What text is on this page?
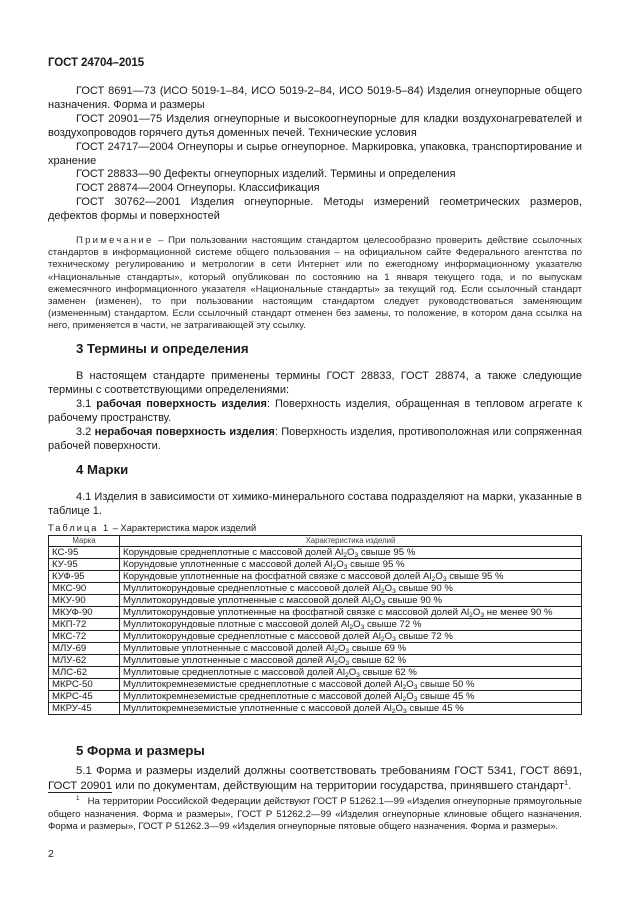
ГОСТ 24704–2015

ГОСТ 8691—73 (ИСО 5019-1–84, ИСО 5019-2–84, ИСО 5019-5–84) Изделия огнеупорные общего назначения. Форма и размеры

ГОСТ 20901—75 Изделия огнеупорные и высокоогнеупорные для кладки воздухонагревателей и воздухопроводов горячего дутья доменных печей. Технические условия

ГОСТ 24717—2004 Огнеупоры и сырье огнеупорное. Маркировка, упаковка, транспортирование и хранение

ГОСТ 28833—90 Дефекты огнеупорных изделий. Термины и определения

ГОСТ 28874—2004 Огнеупоры. Классификация

ГОСТ 30762—2001 Изделия огнеупорные. Методы измерений геометрических размеров, дефектов формы и поверхностей

Примечание – При пользовании настоящим стандартом целесообразно проверить действие ссылочных стандартов в информационной системе общего пользования – на официальном сайте Федерального агентства по техническому регулированию и метрологии в сети Интернет или по ежегодному информационному указателю «Национальные стандарты», который опубликован по состоянию на 1 января текущего года, и по выпускам ежемесячного информационного указателя «Национальные стандарты» за текущий год. Если ссылочный стандарт заменен (изменен), то при пользовании настоящим стандартом следует руководствоваться заменяющим (измененным) стандартом. Если ссылочный стандарт отменен без замены, то положение, в котором дана ссылка на него, применяется в части, не затрагивающей эту ссылку.

3 Термины и определения

В настоящем стандарте применены термины ГОСТ 28833, ГОСТ 28874, а также следующие термины с соответствующими определениями:

3.1 рабочая поверхность изделия: Поверхность изделия, обращенная в тепловом агрегате к рабочему пространству.

3.2 нерабочая поверхность изделия: Поверхность изделия, противоположная или сопряженная рабочей поверхности.

4 Марки

4.1 Изделия в зависимости от химико-минерального состава подразделяют на марки, указанные в таблице 1.

Таблица 1 – Характеристика марок изделий
Марка	Характеристика изделий
КС-95	Корундовые среднеплотные с массовой долей $Al_2O_3$ свыше 95 %
КУ-95	Корундовые уплотненные с массовой долей $Al_2O_3$ свыше 95 %
КУФ-95	Корундовые уплотненные на фосфатной связке с массовой долей $Al_2O_3$ свыше 95 %
МКС-90	Муллитокорундовые среднеплотные с массовой долей $Al_2O_3$ свыше 90 %
МКУ-90	Муллитокорундовые уплотненные с массовой долей $Al_2O_3$ свыше 90 %
МКУФ-90	Муллитокорундовые уплотненные на фосфатной связке с массовой долей $Al_2O_3$ не менее 90 %
МКП-72	Муллитокорундовые плотные с массовой долей $Al_2O_3$ свыше 72 %
МКС-72	Муллитокорундовые среднеплотные с массовой долей $Al_2O_3$ свыше 72 %
МЛУ-69	Муллитовые уплотненные с массовой долей $Al_2O_3$ свыше 69 %
МЛУ-62	Муллитовые уплотненные с массовой долей $Al_2O_3$ свыше 62 %
МЛС-62	Муллитовые среднеплотные с массовой долей $Al_2O_3$ свыше 62 %
МКРС-50	Муллитокремнеземистые среднеплотные с массовой долей $Al_2O_3$ свыше 50 %
МКРС-45	Муллитокремнеземистые среднеплотные с массовой долей $Al_2O_3$ свыше 45 %
МКРУ-45	Муллитокремнеземистые уплотненные с массовой долей $Al_2O_3$ свыше 45 %
5 Форма и размеры

5.1 Форма и размеры изделий должны соответствовать требованиям ГОСТ 5341, ГОСТ 8691, ГОСТ 20901 или по документам, действующим на территории государства, принявшего стандарт$^1$.

$^1$ На территории Российской Федерации действуют ГОСТ Р 51262.1—99 «Изделия огнеупорные прямоугольные общего назначения. Форма и размеры», ГОСТ Р 51262.2—99 «Изделия огнеупорные клиновые общего назначения. Форма и размеры», ГОСТ Р 51262.3—99 «Изделия огнеупорные пятовые общего назначения. Форма и размеры».

2
